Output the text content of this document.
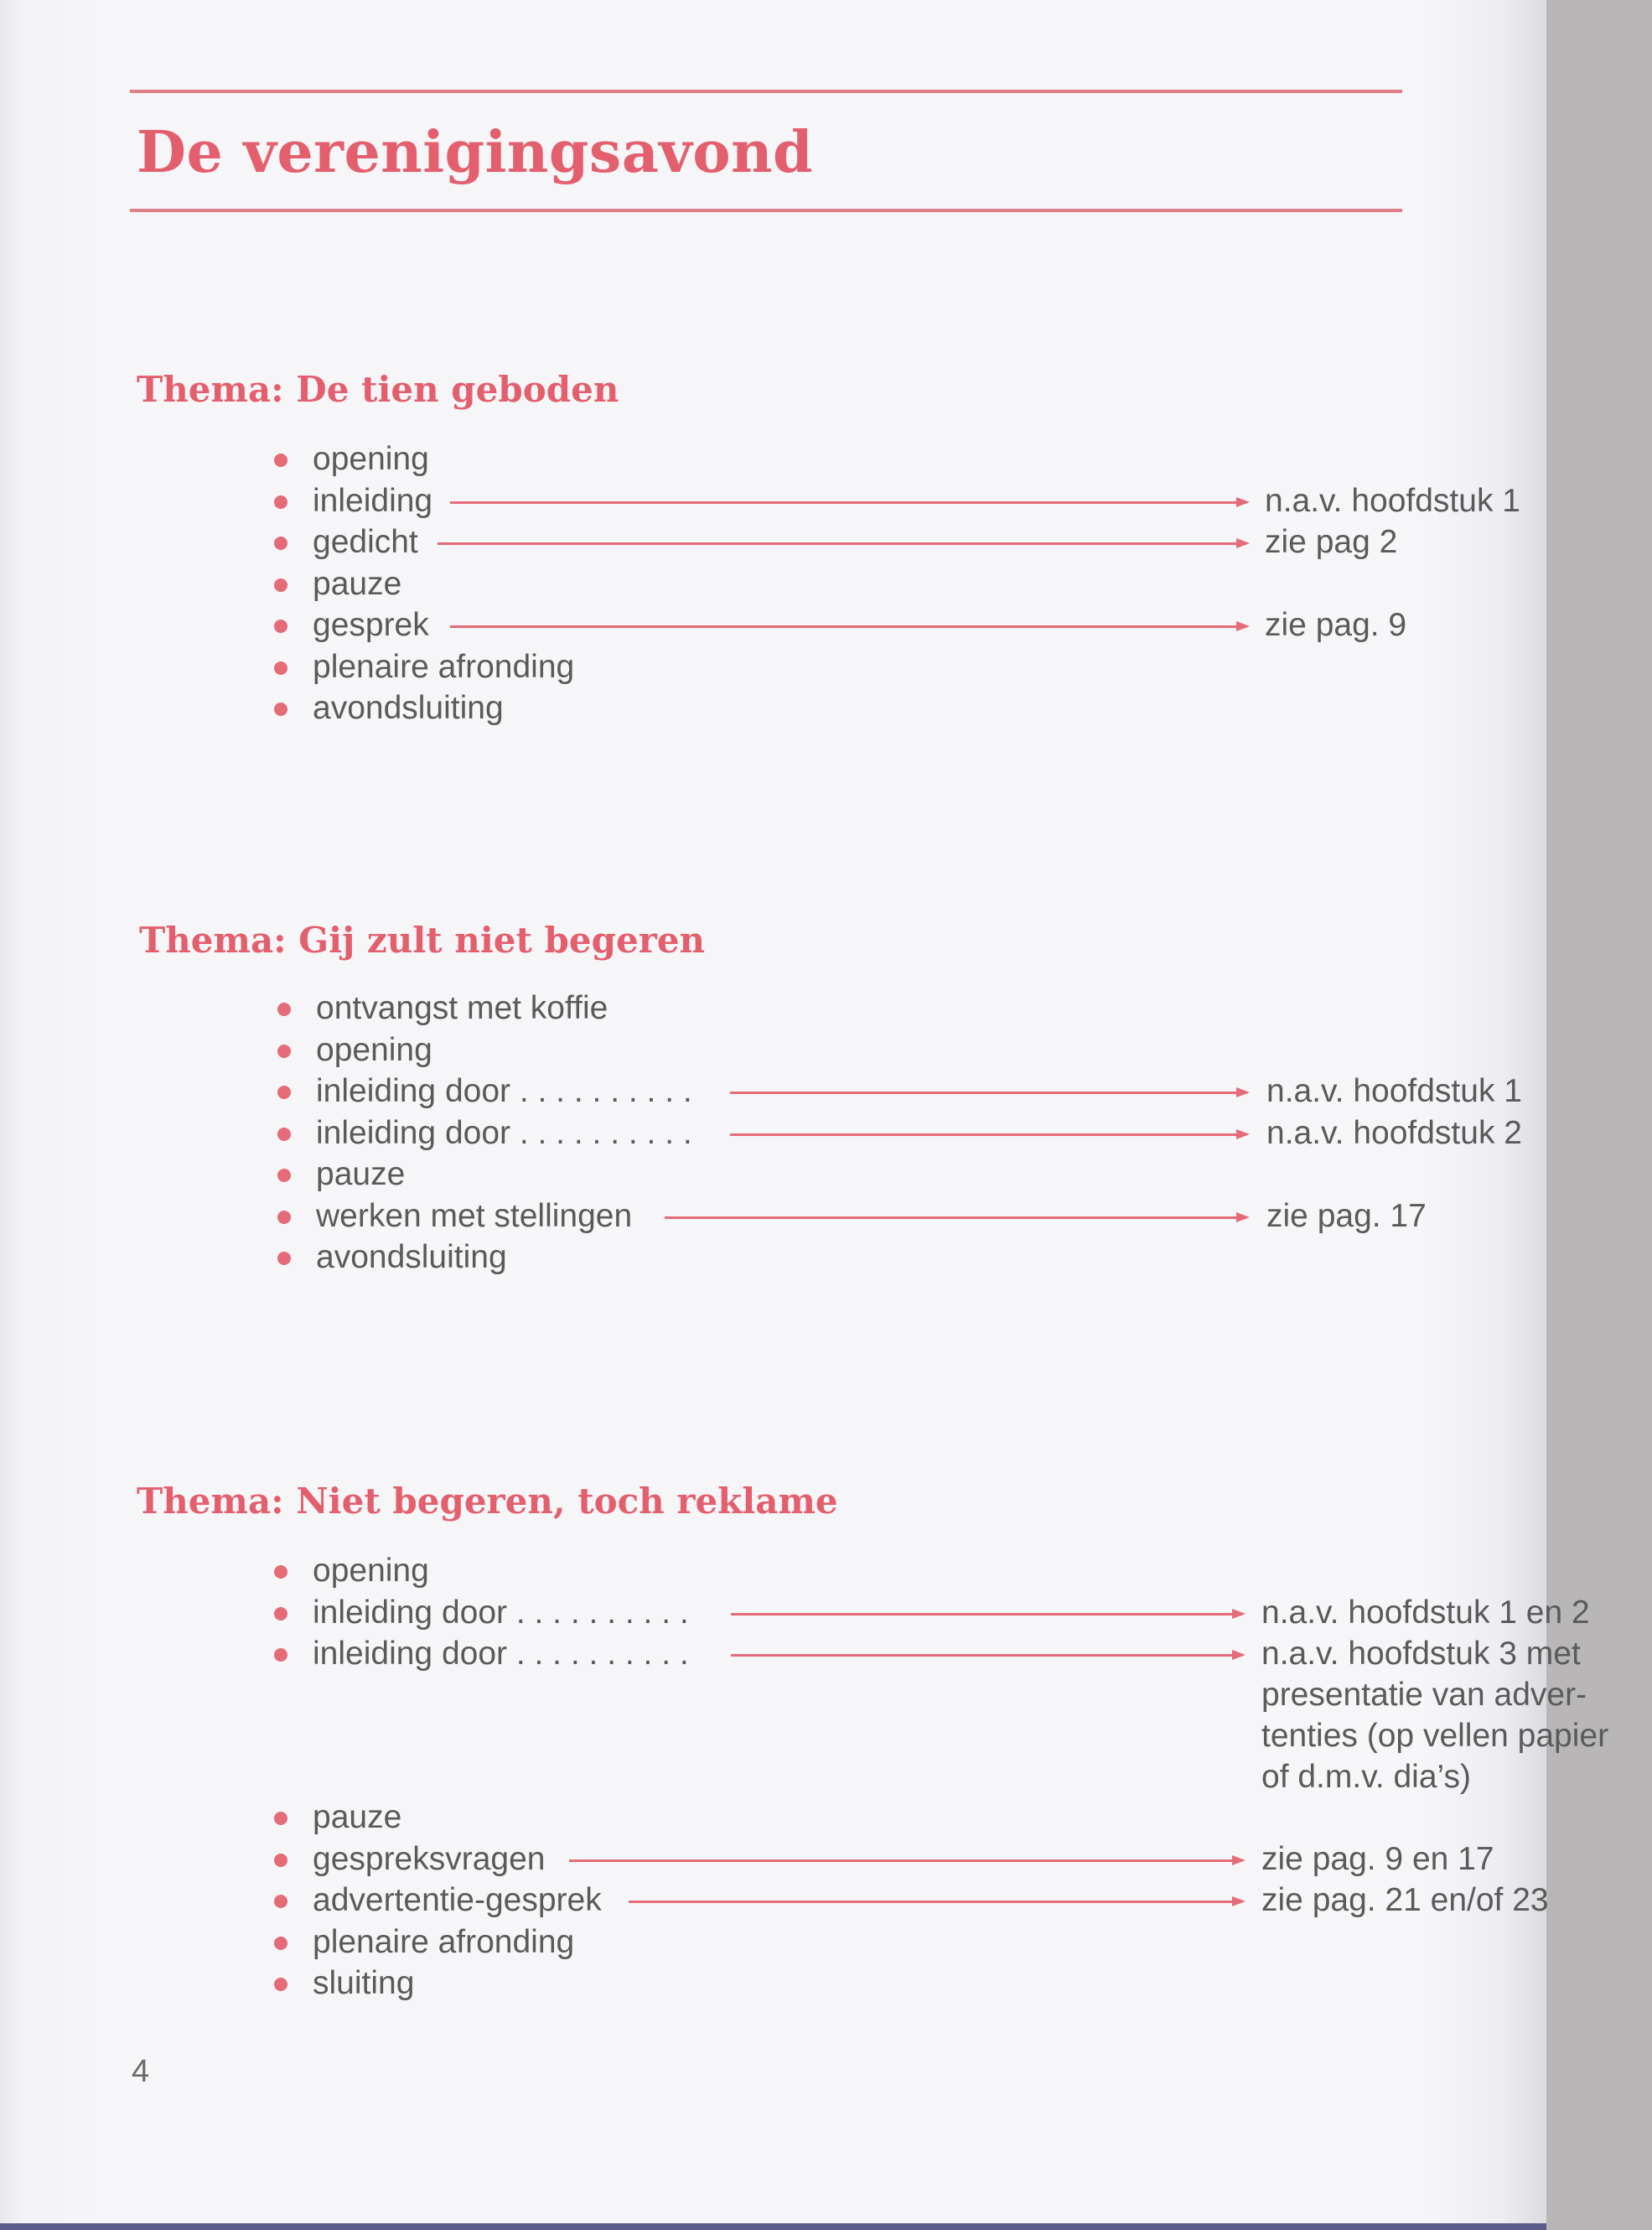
De verenigingsavond
Thema: De tien geboden
opening
inleiding	n.a.v. hoofdstuk 1
gedicht	zie pag 2
pauze
gesprek	zie pag. 9
plenaire afronding
avondsluiting
Thema: Gij zult niet begeren
ontvangst met koffie
opening
inleiding door . . . . . . . . . .	n.a.v. hoofdstuk 1
inleiding door . . . . . . . . . .	n.a.v. hoofdstuk 2
pauze
werken met stellingen	zie pag. 17
avondsluiting
Thema: Niet begeren, toch reklame
opening
inleiding door . . . . . . . . . .	n.a.v. hoofdstuk 1 en 2
inleiding door . . . . . . . . . .	n.a.v. hoofdstuk 3 met
presentatie van adver-
tenties (op vellen papier
of d.m.v. dia’s)
pauze
gespreksvragen	zie pag. 9 en 17
advertentie-gesprek	zie pag. 21 en/of 23
plenaire afronding
sluiting
4
